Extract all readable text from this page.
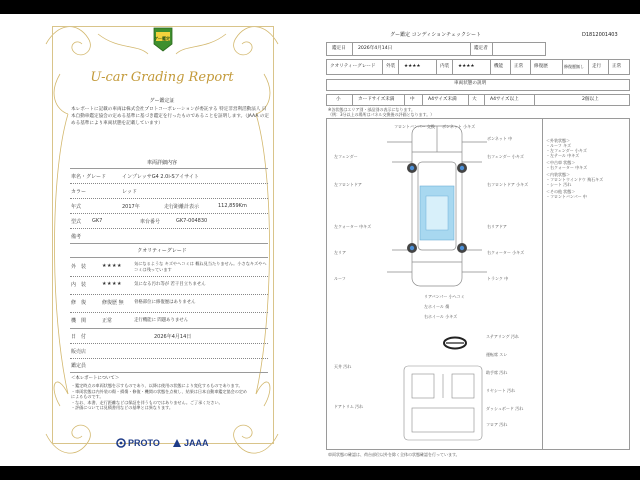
グー鑑定
U-car Grading Report
グー鑑定証
本レポートに記載の車両は株式会社プロトコーポレーションが委託する 特定非営利活動法人 日本自動車鑑定協会の定める基準に基づき鑑定を行ったものであることを証明します。（JAAA の定める基準により車両状態を記載しています）
車両詳細内容
車名・グレード	インプレッサG4 2.0i-Sアイサイト
カラー	レッド
年式	2017年	走行距離計表示	112,859Km
型式 GK7	車台番号	GK7-004830
備考
クオリティーグレード
外　装	★★★★	気になるような キズやヘコミは 概ね見当たりません。小さなキズやヘコミは残っています
内　装	★★★★	気になる汚れ等が 若干目立ちません
修　復	修復歴 無 骨格部位に修復歴はありません
機　関	正常	走行機能に 問題ありません
日　付	2026年4月14日
販売店
鑑定員
＜本レポートについて＞
・鑑定時点の車両状態を示すものであり、以降は使用の状態により変化するものであります。
・車両状態は内外装の傷・損傷・修復・機関の状態を点検し、結果は日本自動車鑑定協会の定めによるものです。
・なお、本書、走行距離などは保証を伴うものではありません。ご了承ください。
・評価については見積書用などの基準とは異なります。
PROTO	JAAA
グー鑑定 コンディションチェックシート	D1812001403
鑑定日	2026年4月14日	鑑定者
クオリティーグレード 外装 ★★★★	内装 ★★★★	機能 正常 修復歴	修復歴無し 走行 正常
車両状態の説明
小	カードサイズ未満	中	A4サイズ未満	大	A4サイズ以上	2個以上
※各状態はエリア別・部品別の表示になります。
（例：3分以上の場所はパネル交換後の評価となります。）
フロントバンパー 交換 ボンネット 小キズ
ボンネット 中
左フェンダー	右フェンダー 小キズ
左フロントドア	右フロントドア 小キズ
左クォーター 中キズ	右リアドア
左リア	右クォーター 小キズ
ルーフ	トランク 中
リアバンパー 小ヘコミ
左ホイール 傷
右ホイール 小キズ
＜外装状態＞
・ルーフ キズ
・左フェンダー 小キズ
・左テール 中キズ
＜中古車 状態＞
・右クォーター 中キズ
＜内装状態＞
・フロントウインドウ 飛石キズ
・シート 汚れ
＜その他 状態＞
・フロントバンパー 中
ステアリング 汚れ
運転席 スレ
助手席 汚れ
リヤシート 汚れ
ダッシュボード 汚れ
フロア 汚れ
天井 汚れ
ドアトリム 汚れ
車両状態の確認は、荷台部位以外を除く全体の状態確認を行っています。
